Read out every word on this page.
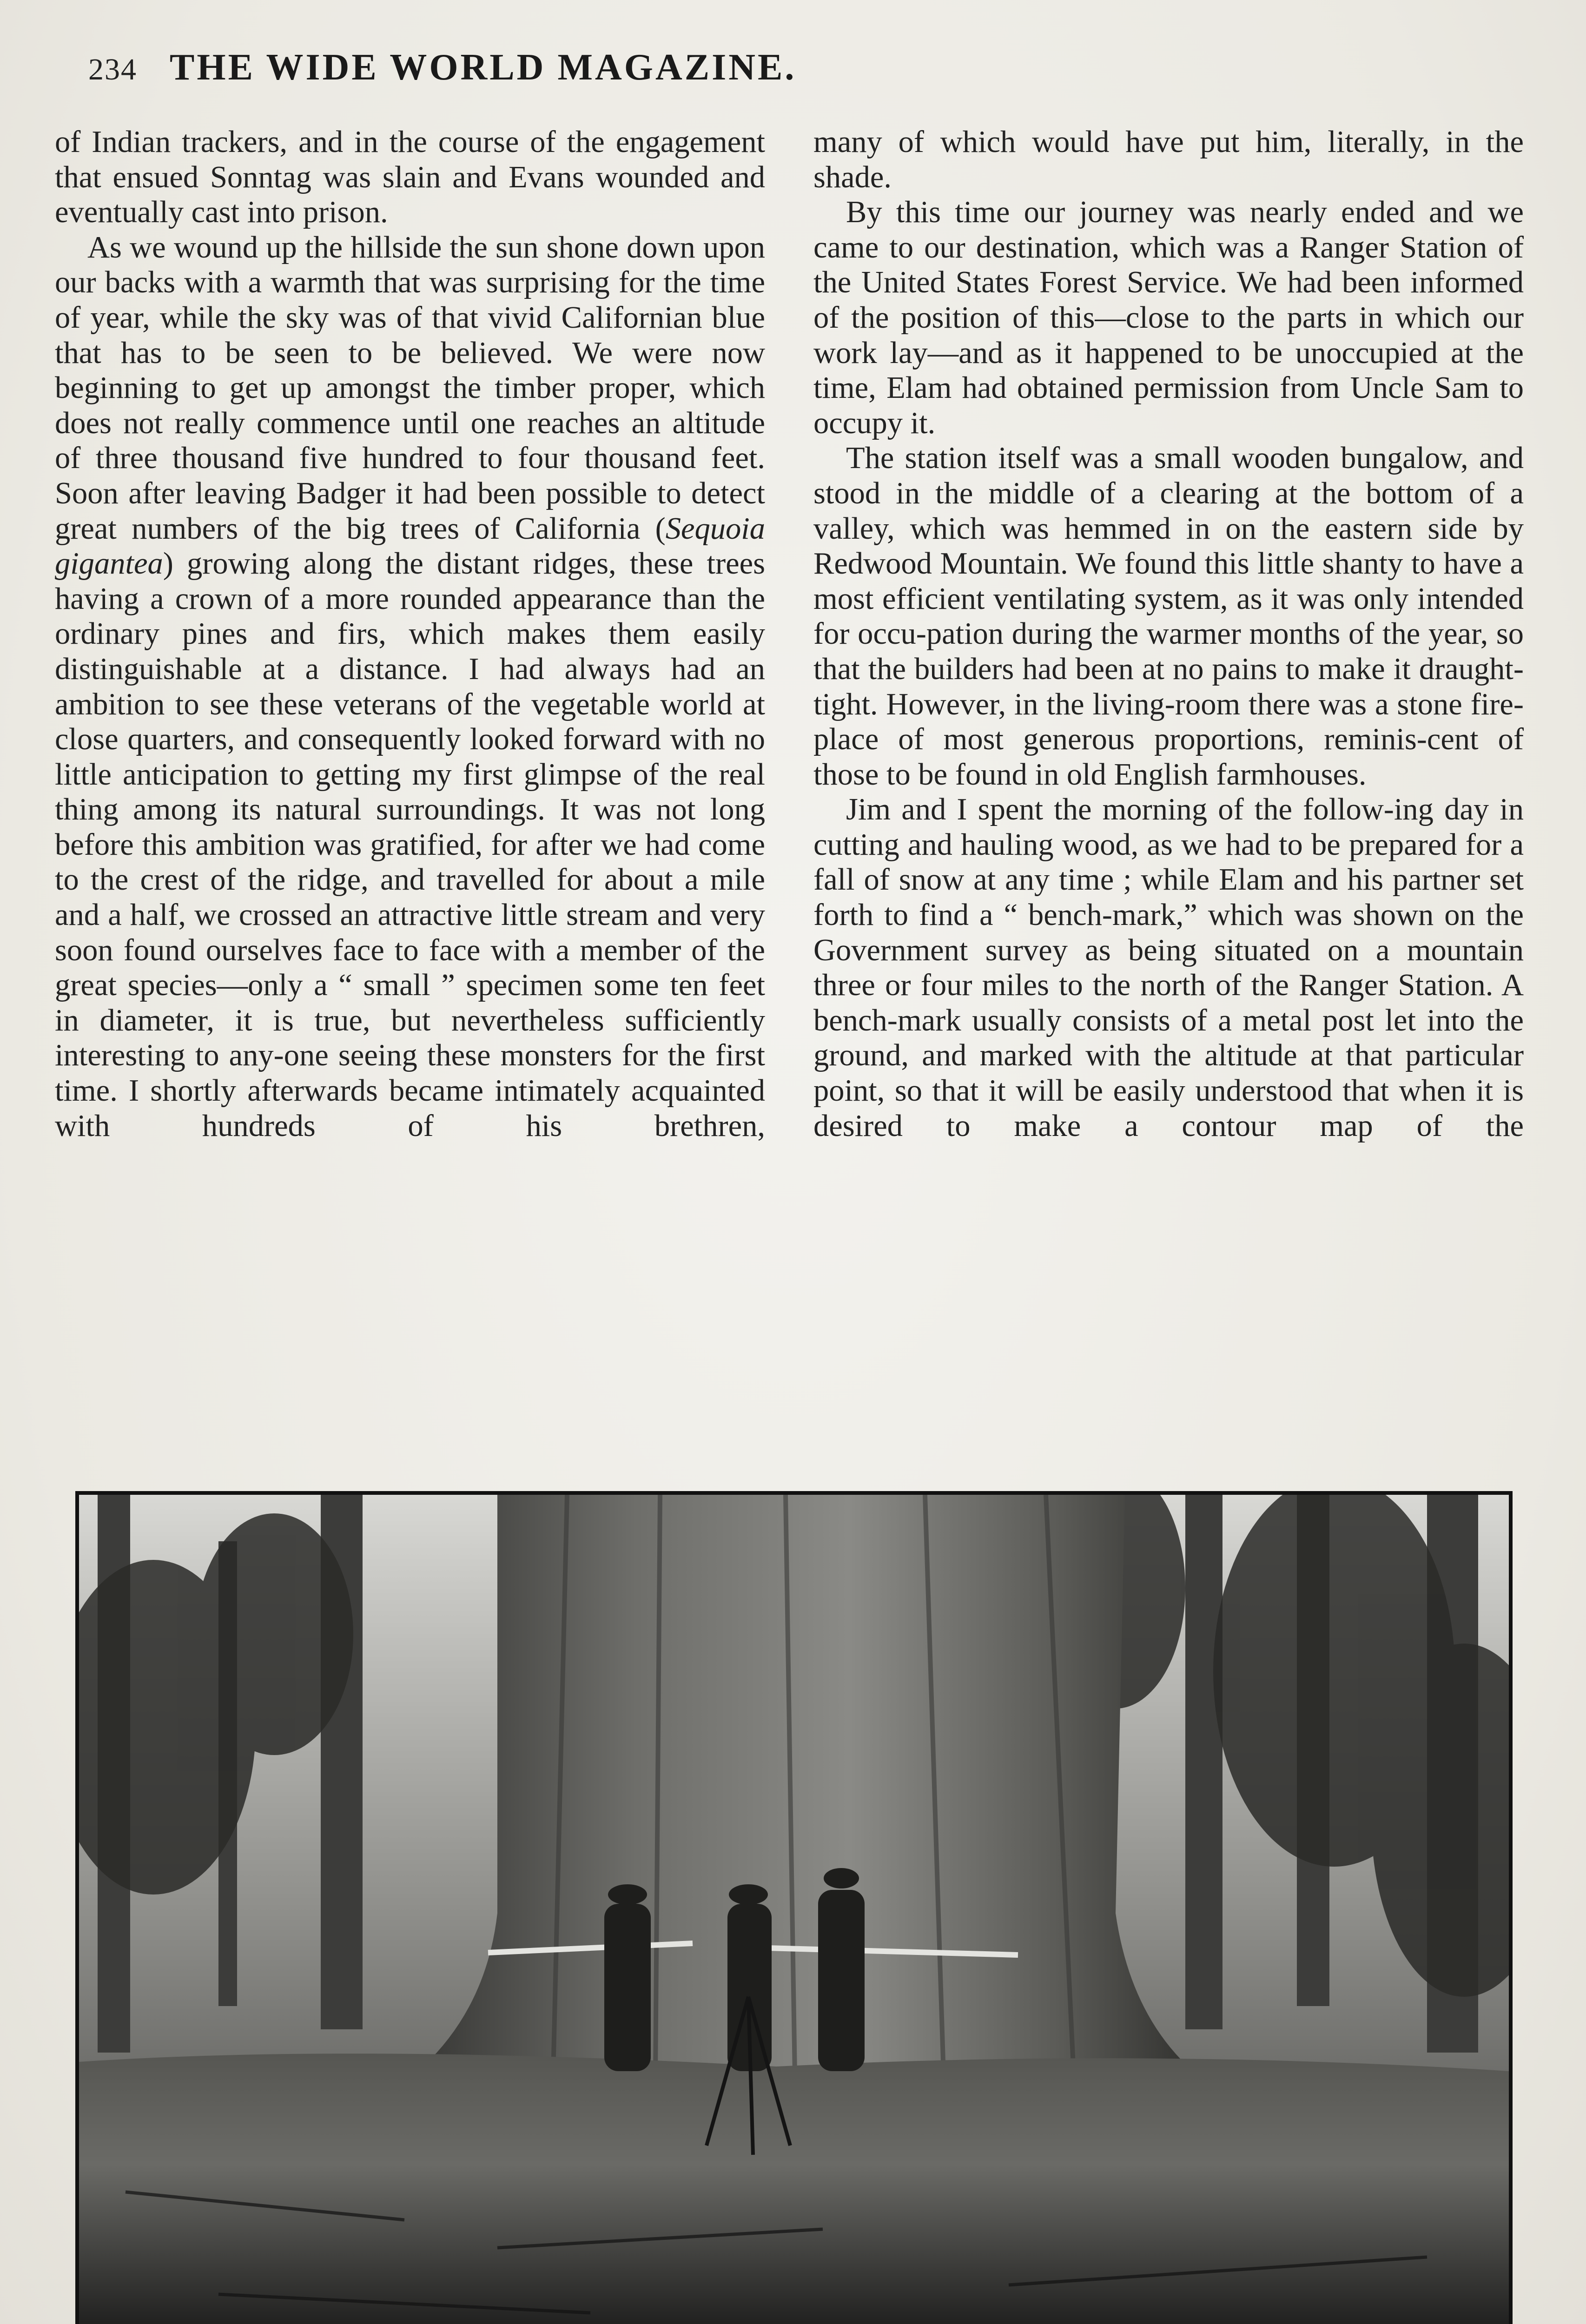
234 THE WIDE WORLD MAGAZINE.

of Indian trackers, and in the course of the engagement that ensued Sonntag was slain and Evans wounded and eventually cast into prison.

As we wound up the hillside the sun shone down upon our backs with a warmth that was surprising for the time of year, while the sky was of that vivid Californian blue that has to be seen to be believed. We were now beginning to get up amongst the timber proper, which does not really commence until one reaches an altitude of three thousand five hundred to four thousand feet. Soon after leaving Badger it had been possible to detect great numbers of the big trees of California (Sequoia gigantea) growing along the distant ridges, these trees having a crown of a more rounded appearance than the ordinary pines and firs, which makes them easily distinguishable at a distance. I had always had an ambition to see these veterans of the vegetable world at close quarters, and consequently looked forward with no little anticipation to getting my first glimpse of the real thing among its natural surroundings. It was not long before this ambition was gratified, for after we had come to the crest of the ridge, and travelled for about a mile and a half, we crossed an attractive little stream and very soon found ourselves face to face with a member of the great species—only a “ small ” specimen some ten feet in diameter, it is true, but nevertheless sufficiently interesting to any-one seeing these monsters for the first time. I shortly afterwards became intimately acquainted with hundreds of his brethren,

many of which would have put him, literally, in the shade.

By this time our journey was nearly ended and we came to our destination, which was a Ranger Station of the United States Forest Service. We had been informed of the position of this—close to the parts in which our work lay—and as it happened to be unoccupied at the time, Elam had obtained permission from Uncle Sam to occupy it.

The station itself was a small wooden bungalow, and stood in the middle of a clearing at the bottom of a valley, which was hemmed in on the eastern side by Redwood Mountain. We found this little shanty to have a most efficient ventilating system, as it was only intended for occu-pation during the warmer months of the year, so that the builders had been at no pains to make it draught-tight. However, in the living-room there was a stone fire-place of most generous proportions, reminis-cent of those to be found in old English farmhouses.

Jim and I spent the morning of the follow-ing day in cutting and hauling wood, as we had to be prepared for a fall of snow at any time ; while Elam and his partner set forth to find a “ bench-mark,” which was shown on the Government survey as being situated on a mountain three or four miles to the north of the Ranger Station. A bench-mark usually consists of a metal post let into the ground, and marked with the altitude at that particular point, so that it will be easily understood that when it is desired to make a contour map of the
